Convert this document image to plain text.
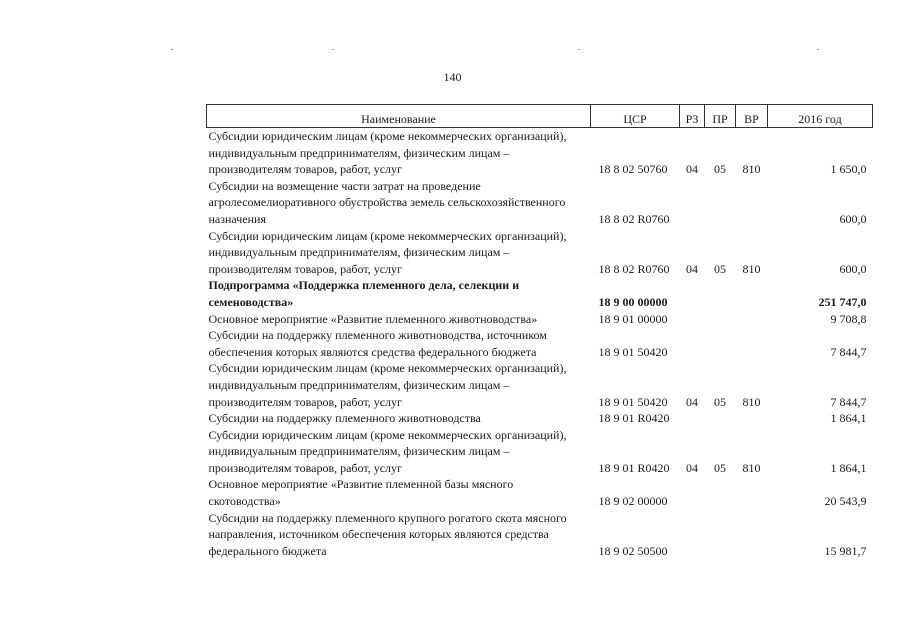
140
Наименование	ЦСР	РЗ	ПР	ВР	2016 год
Субсидии юридическим лицам (кроме некоммерческих организаций), индивидуальным предпринимателям, физическим лицам – производителям товаров, работ, услуг	18 8 02 50760	04	05	810	1 650,0
Субсидии на возмещение части затрат на проведение агролесомелиоративного обустройства земель сельскохозяйственного назначения	18 8 02 R0760				600,0
Субсидии юридическим лицам (кроме некоммерческих организаций), индивидуальным предпринимателям, физическим лицам – производителям товаров, работ, услуг	18 8 02 R0760	04	05	810	600,0
Подпрограмма «Поддержка племенного дела, селекции и семеноводства»	18 9 00 00000				251 747,0
Основное мероприятие «Развитие племенного животноводства»	18 9 01 00000				9 708,8
Субсидии на поддержку племенного животноводства, источником обеспечения которых являются средства федерального бюджета	18 9 01 50420				7 844,7
Субсидии юридическим лицам (кроме некоммерческих организаций), индивидуальным предпринимателям, физическим лицам – производителям товаров, работ, услуг	18 9 01 50420	04	05	810	7 844,7
Субсидии на поддержку племенного животноводства	18 9 01 R0420				1 864,1
Субсидии юридическим лицам (кроме некоммерческих организаций), индивидуальным предпринимателям, физическим лицам – производителям товаров, работ, услуг	18 9 01 R0420	04	05	810	1 864,1
Основное мероприятие «Развитие племенной базы мясного скотоводства»	18 9 02 00000				20 543,9
Субсидии на поддержку племенного крупного рогатого скота мясного направления, источником обеспечения которых являются средства федерального бюджета	18 9 02 50500				15 981,7
